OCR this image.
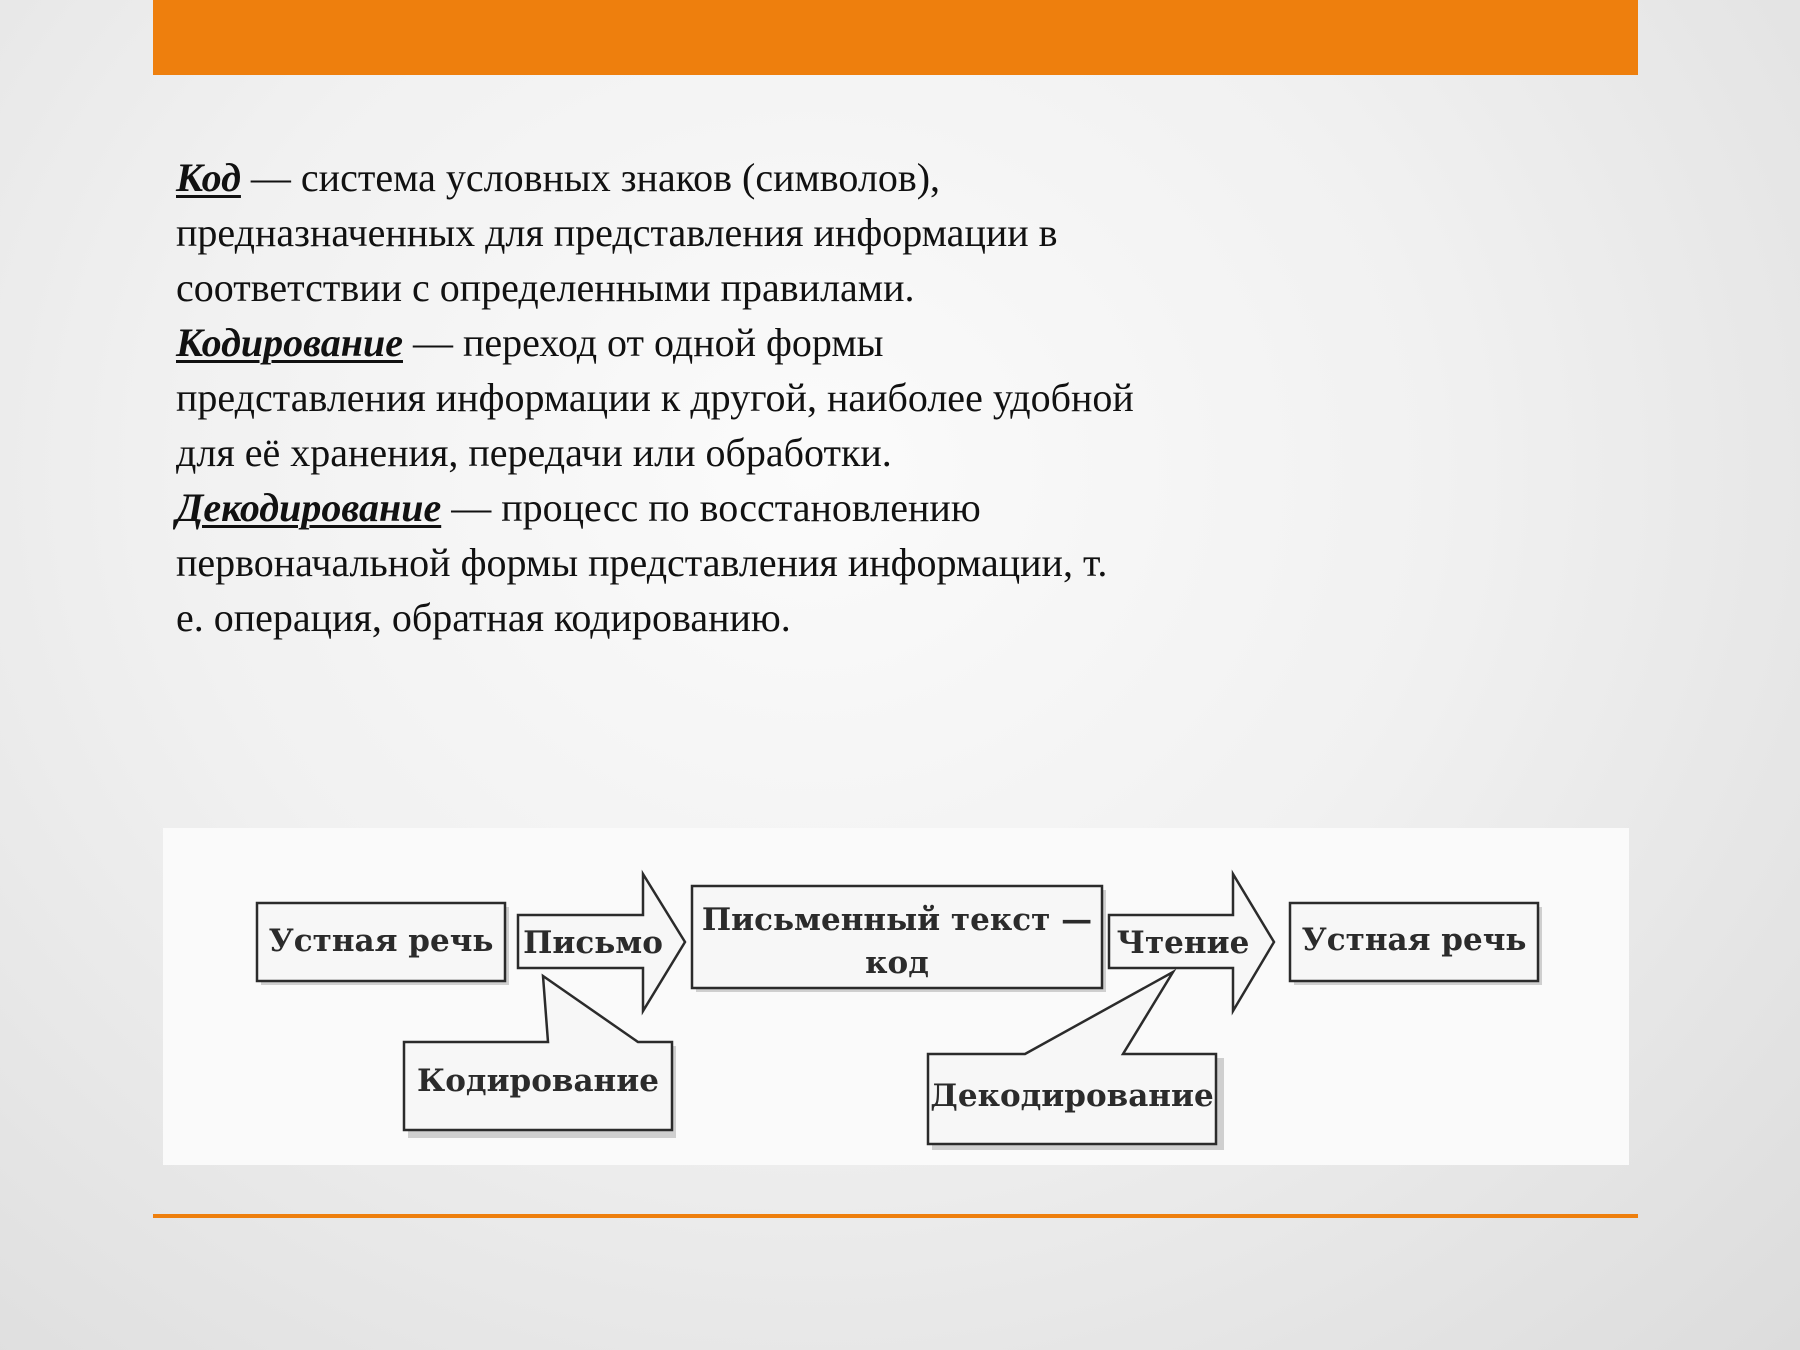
Код — система условных знаков (символов), предназначенных для представления информации в соответствии с определенными правилами.

Кодирование — переход от одной формы представления информации к другой, наиболее удобной для её хранения, передачи или обработки.

Декодирование — процесс по восстановлению первоначальной формы представления информации, т. е. операция, обратная кодированию.

Устная речь Письмо
Письменный текст —
код
Чтение Устная речь
Кодирование	Декодирование
